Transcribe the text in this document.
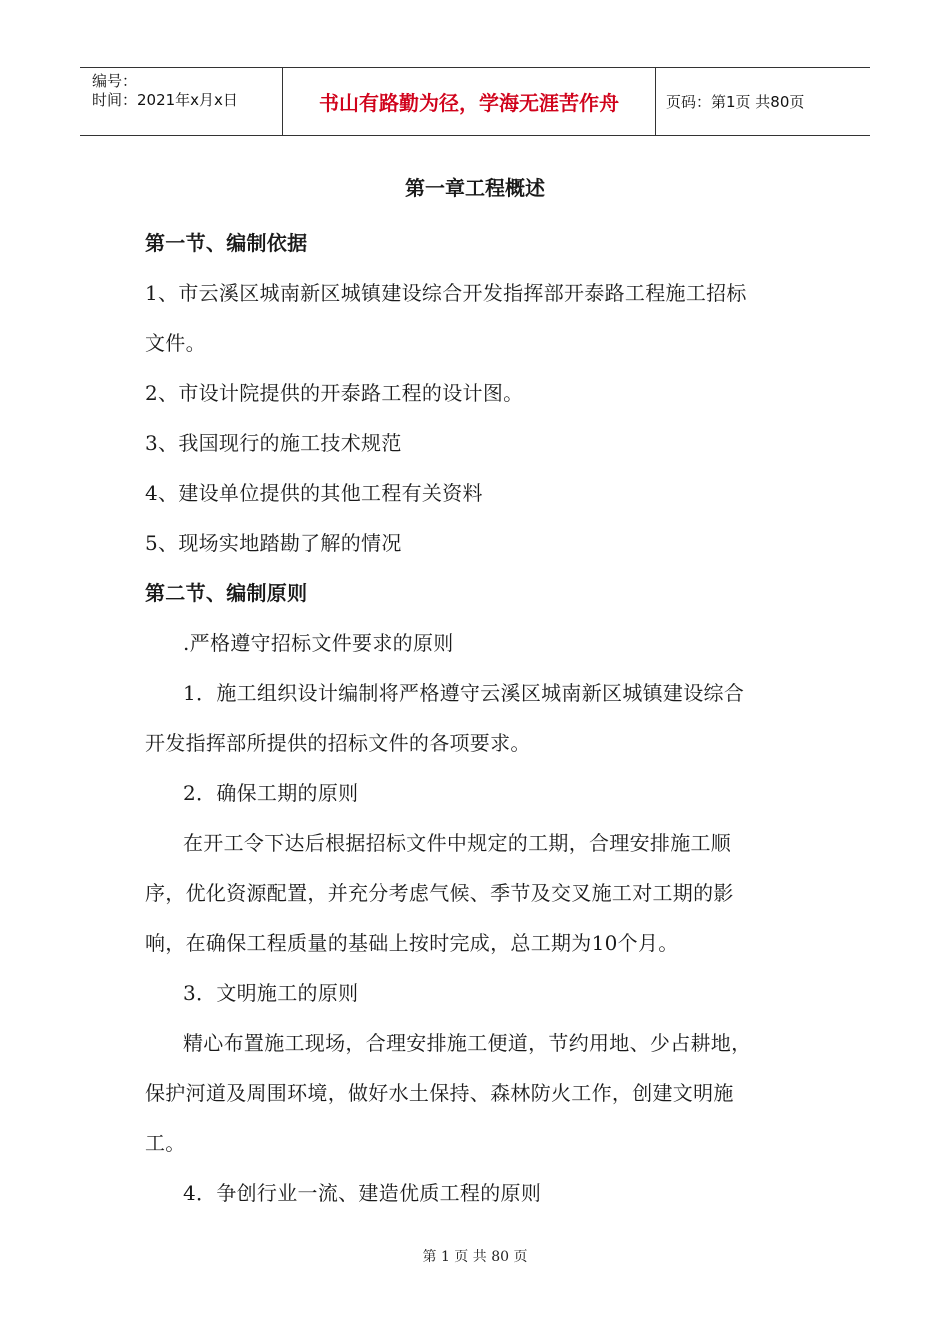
编号：
时间：2021年x月x日	书山有路勤为径，学海无涯苦作舟	页码：第1页 共80页
第一章工程概述
第一节、编制依据
1、市云溪区城南新区城镇建设综合开发指挥部开泰路工程施工招标
文件。
2、市设计院提供的开泰路工程的设计图。
3、我国现行的施工技术规范
4、建设单位提供的其他工程有关资料
5、现场实地踏勘了解的情况
第二节、编制原则
.严格遵守招标文件要求的原则
1．施工组织设计编制将严格遵守云溪区城南新区城镇建设综合
开发指挥部所提供的招标文件的各项要求。
2．确保工期的原则
在开工令下达后根据招标文件中规定的工期，合理安排施工顺
序，优化资源配置，并充分考虑气候、季节及交叉施工对工期的影
响，在确保工程质量的基础上按时完成，总工期为10个月。
3．文明施工的原则
精心布置施工现场，合理安排施工便道，节约用地、少占耕地，
保护河道及周围环境，做好水土保持、森林防火工作，创建文明施
工。
4．争创行业一流、建造优质工程的原则
第 1 页 共 80 页
